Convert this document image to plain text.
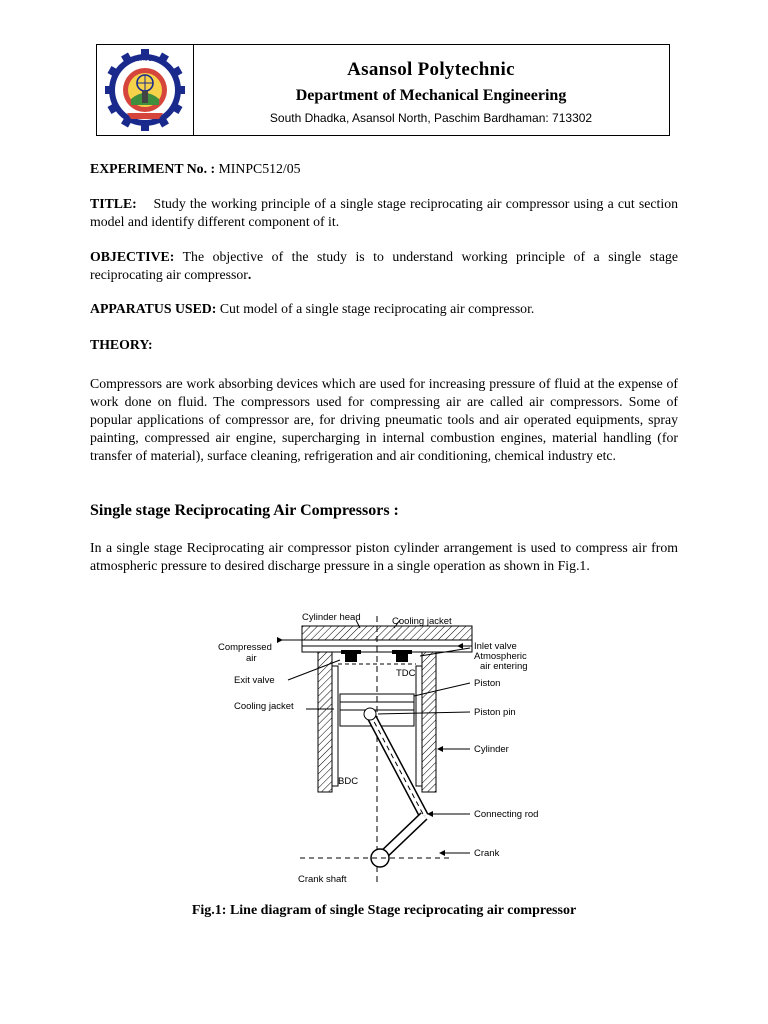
A S A N S O L	Asansol Polytechnic
Department of Mechanical Engineering
South Dhadka, Asansol North, Paschim Bardhaman: 713302

EXPERIMENT No. : MINPC512/05

TITLE: Study the working principle of a single stage reciprocating air compressor using a cut section model and identify different component of it.

OBJECTIVE: The objective of the study is to understand working principle of a single stage reciprocating air compressor.

APPARATUS USED: Cut model of a single stage reciprocating air compressor.

THEORY:

Compressors are work absorbing devices which are used for increasing pressure of fluid at the expense of work done on fluid. The compressors used for compressing air are called air compressors. Some of popular applications of compressor are, for driving pneumatic tools and air operated equipments, spray painting, compressed air engine, supercharging in internal combustion engines, material handling (for transfer of material), surface cleaning, refrigeration and air conditioning, chemical industry etc.

Single stage Reciprocating Air Compressors :

In a single stage Reciprocating air compressor piston cylinder arrangement is used to compress air from atmospheric pressure to desired discharge pressure in a single operation as shown in Fig.1.

Cylinder head	Cooling jacket
Compressed
air
Inlet valve
Atmospheric
air entering
TDC
Exit valve	Piston
Cooling jacket
Piston pin
Cylinder
BDC
Connecting rod
Crank
Crank shaft
Fig.1: Line diagram of single Stage reciprocating air compressor
